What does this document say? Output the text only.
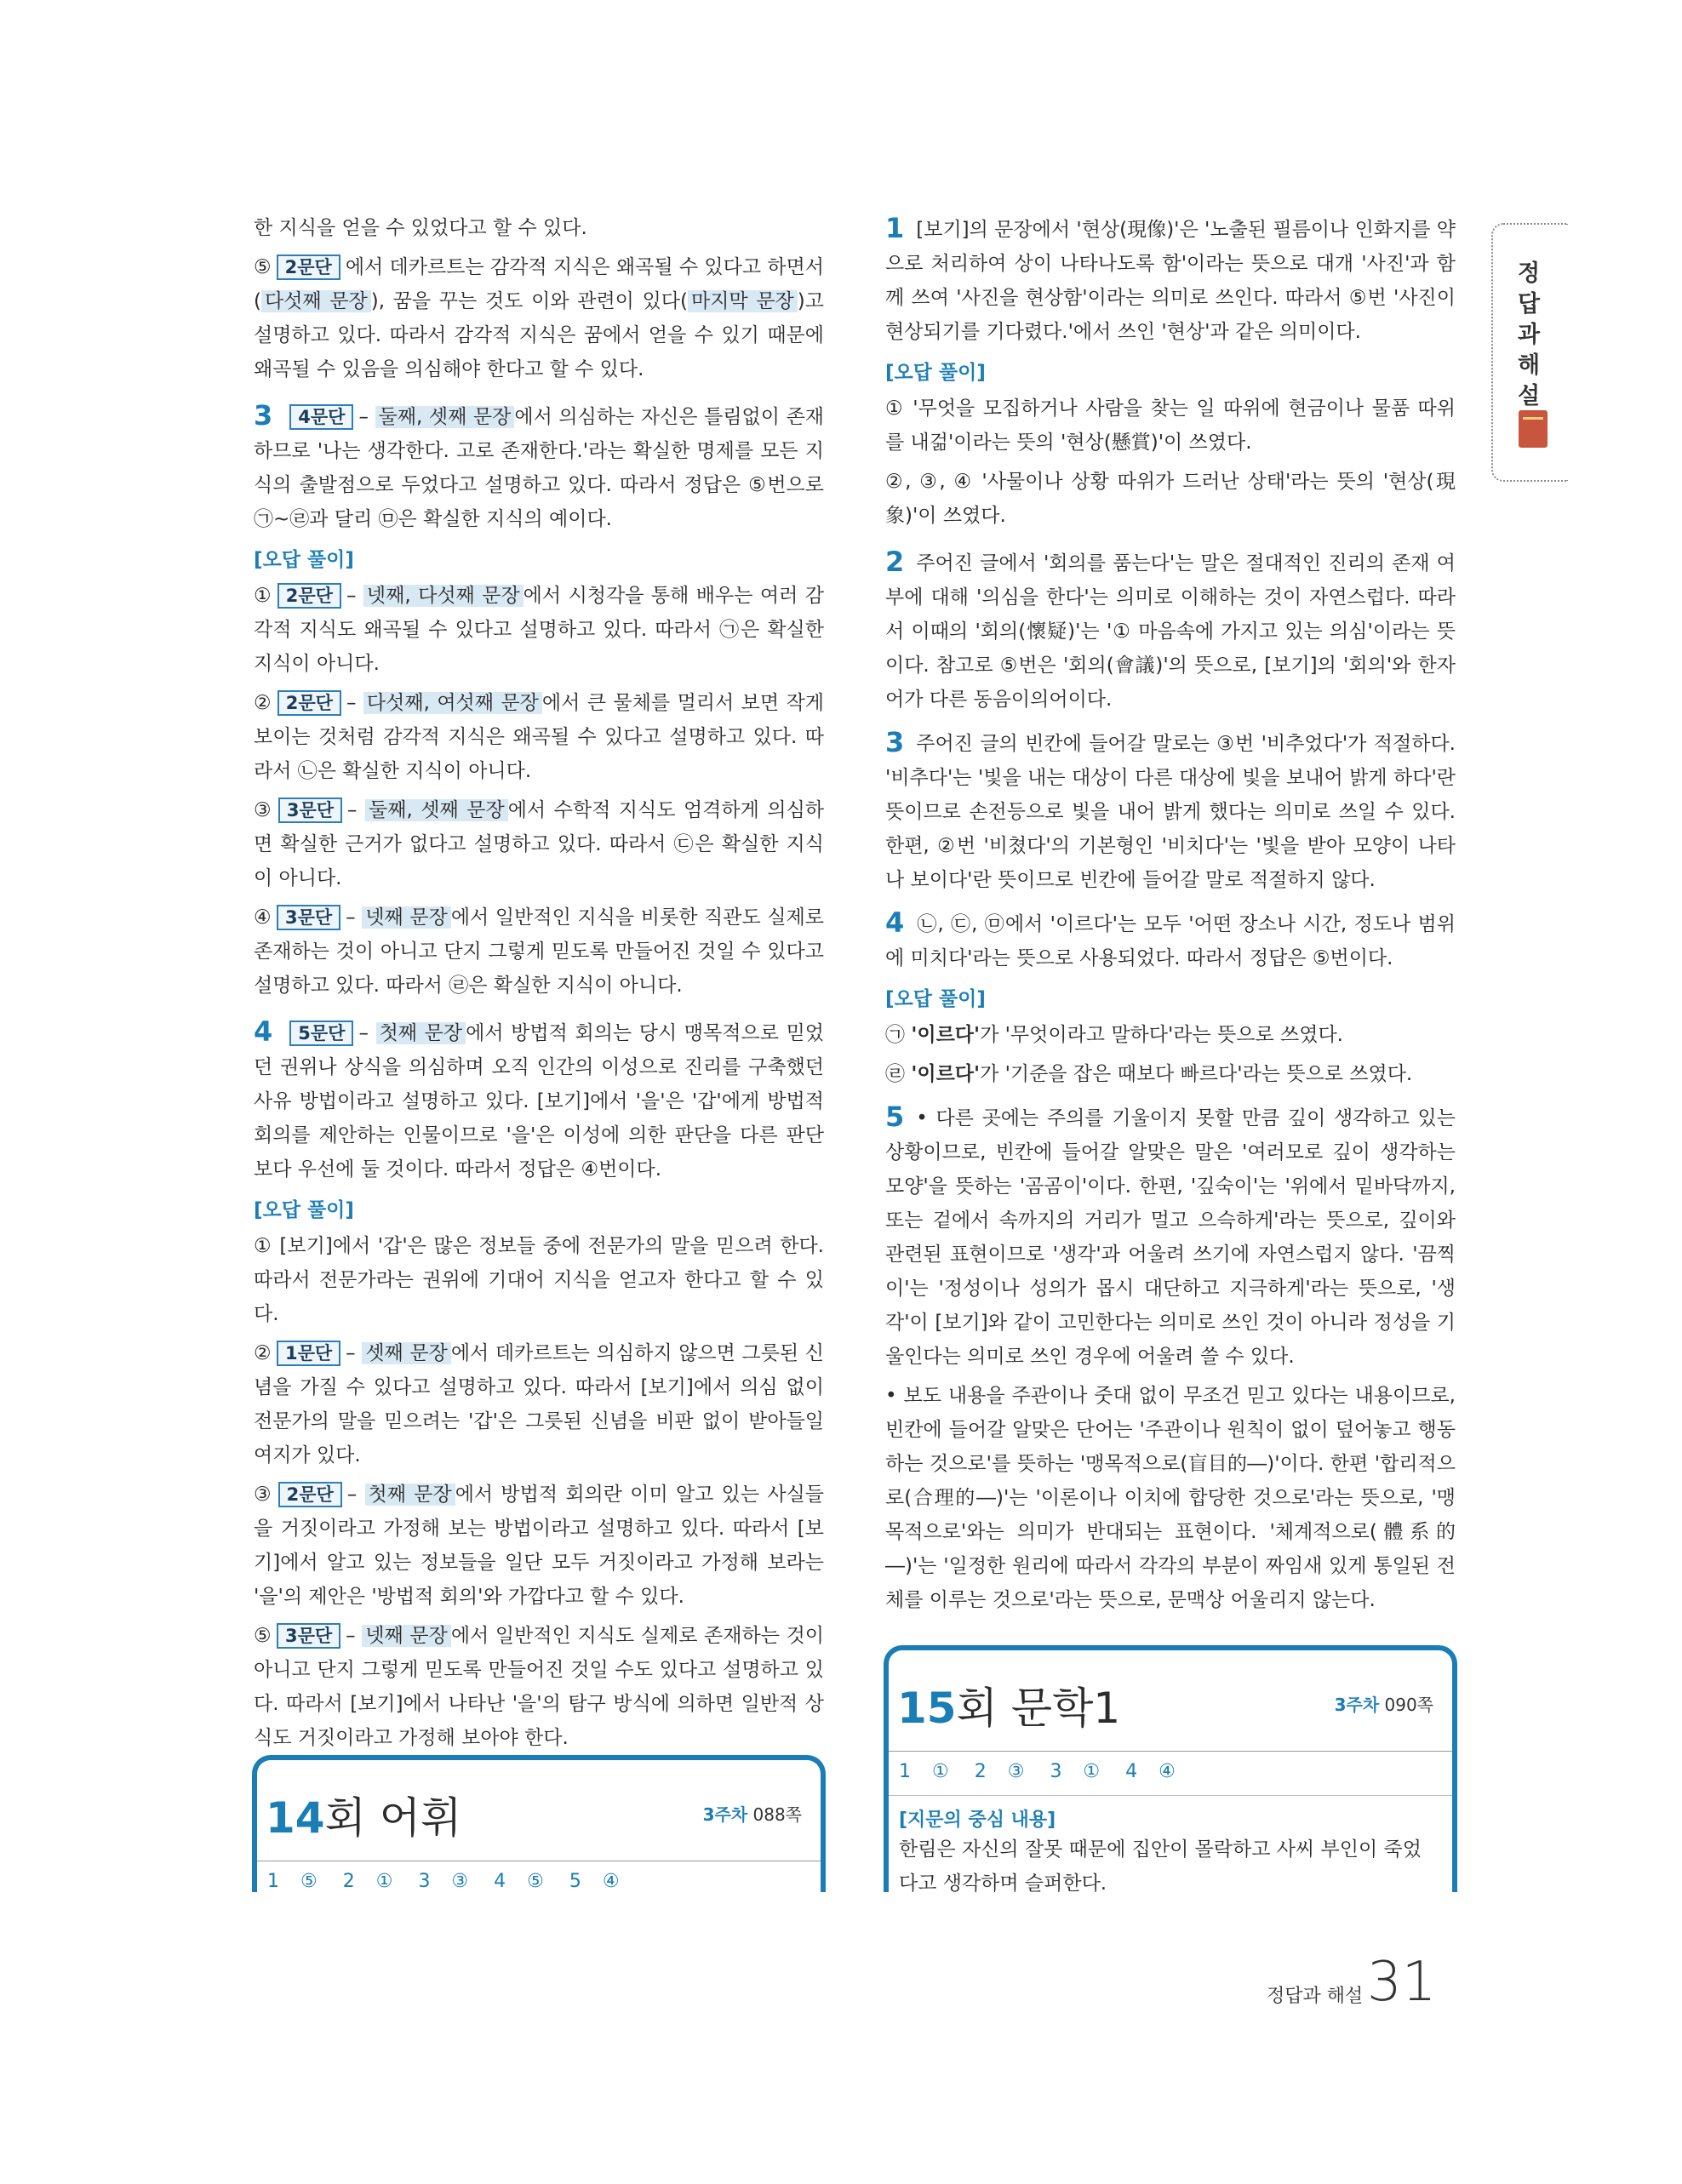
한 지식을 얻을 수 있었다고 할 수 있다.

⑤ 2문단 에서 데카르트는 감각적 지식은 왜곡될 수 있다고 하면서 ( 다섯째 문장 ), 꿈을 꾸는 것도 이와 관련이 있다( 마지막 문장 )고 설명하고 있다. 따라서 감각적 지식은 꿈에서 얻을 수 있기 때문에 왜곡될 수 있음을 의심해야 한다고 할 수 있다.

3 4문단 – 둘째, 셋째 문장 에서 의심하는 자신은 틀림없이 존재하므로 '나는 생각한다. 고로 존재한다.'라는 확실한 명제를 모든 지식의 출발점으로 두었다고 설명하고 있다. 따라서 정답은 ⑤번으로 ㉠~㉣과 달리 ㉤은 확실한 지식의 예이다.

[오답 풀이]

① 2문단 – 넷째, 다섯째 문장 에서 시청각을 통해 배우는 여러 감각적 지식도 왜곡될 수 있다고 설명하고 있다. 따라서 ㉠은 확실한 지식이 아니다.

② 2문단 – 다섯째, 여섯째 문장 에서 큰 물체를 멀리서 보면 작게 보이는 것처럼 감각적 지식은 왜곡될 수 있다고 설명하고 있다. 따라서 ㉡은 확실한 지식이 아니다.

③ 3문단 – 둘째, 셋째 문장 에서 수학적 지식도 엄격하게 의심하면 확실한 근거가 없다고 설명하고 있다. 따라서 ㉢은 확실한 지식이 아니다.

④ 3문단 – 넷째 문장 에서 일반적인 지식을 비롯한 직관도 실제로 존재하는 것이 아니고 단지 그렇게 믿도록 만들어진 것일 수 있다고 설명하고 있다. 따라서 ㉣은 확실한 지식이 아니다.

4 5문단 – 첫째 문장 에서 방법적 회의는 당시 맹목적으로 믿었던 권위나 상식을 의심하며 오직 인간의 이성으로 진리를 구축했던 사유 방법이라고 설명하고 있다. [보기]에서 '을'은 '갑'에게 방법적 회의를 제안하는 인물이므로 '을'은 이성에 의한 판단을 다른 판단보다 우선에 둘 것이다. 따라서 정답은 ④번이다.

[오답 풀이]

① [보기]에서 '갑'은 많은 정보들 중에 전문가의 말을 믿으려 한다. 따라서 전문가라는 권위에 기대어 지식을 얻고자 한다고 할 수 있다.

② 1문단 – 셋째 문장 에서 데카르트는 의심하지 않으면 그릇된 신념을 가질 수 있다고 설명하고 있다. 따라서 [보기]에서 의심 없이 전문가의 말을 믿으려는 '갑'은 그릇된 신념을 비판 없이 받아들일 여지가 있다.

③ 2문단 – 첫째 문장 에서 방법적 회의란 이미 알고 있는 사실들을 거짓이라고 가정해 보는 방법이라고 설명하고 있다. 따라서 [보기]에서 알고 있는 정보들을 일단 모두 거짓이라고 가정해 보라는 '을'의 제안은 '방법적 회의'와 가깝다고 할 수 있다.

⑤ 3문단 – 넷째 문장 에서 일반적인 지식도 실제로 존재하는 것이 아니고 단지 그렇게 믿도록 만들어진 것일 수도 있다고 설명하고 있다. 따라서 [보기]에서 나타난 '을'의 탐구 방식에 의하면 일반적 상식도 거짓이라고 가정해 보아야 한다.

14회 어휘	3주차 088쪽
1 ⑤ 2 ① 3 ③ 4 ⑤ 5 ④

1 [보기]의 문장에서 '현상(現像)'은 '노출된 필름이나 인화지를 약으로 처리하여 상이 나타나도록 함'이라는 뜻으로 대개 '사진'과 함께 쓰여 '사진을 현상함'이라는 의미로 쓰인다. 따라서 ⑤번 '사진이 현상되기를 기다렸다.'에서 쓰인 '현상'과 같은 의미이다.

[오답 풀이]

① '무엇을 모집하거나 사람을 찾는 일 따위에 현금이나 물품 따위를 내걺'이라는 뜻의 '현상(懸賞)'이 쓰였다.

②, ③, ④ '사물이나 상황 따위가 드러난 상태'라는 뜻의 '현상(現象)'이 쓰였다.

2 주어진 글에서 '회의를 품는다'는 말은 절대적인 진리의 존재 여부에 대해 '의심을 한다'는 의미로 이해하는 것이 자연스럽다. 따라서 이때의 '회의(懷疑)'는 '① 마음속에 가지고 있는 의심'이라는 뜻이다. 참고로 ⑤번은 '회의(會議)'의 뜻으로, [보기]의 '회의'와 한자어가 다른 동음이의어이다.

3 주어진 글의 빈칸에 들어갈 말로는 ③번 '비추었다'가 적절하다. '비추다'는 '빛을 내는 대상이 다른 대상에 빛을 보내어 밝게 하다'란 뜻이므로 손전등으로 빛을 내어 밝게 했다는 의미로 쓰일 수 있다. 한편, ②번 '비쳤다'의 기본형인 '비치다'는 '빛을 받아 모양이 나타나 보이다'란 뜻이므로 빈칸에 들어갈 말로 적절하지 않다.

4 ㉡, ㉢, ㉤에서 '이르다'는 모두 '어떤 장소나 시간, 정도나 범위에 미치다'라는 뜻으로 사용되었다. 따라서 정답은 ⑤번이다.

[오답 풀이]

㉠ '이르다'가 '무엇이라고 말하다'라는 뜻으로 쓰였다.

㉣ '이르다'가 '기준을 잡은 때보다 빠르다'라는 뜻으로 쓰였다.

5 • 다른 곳에는 주의를 기울이지 못할 만큼 깊이 생각하고 있는 상황이므로, 빈칸에 들어갈 알맞은 말은 '여러모로 깊이 생각하는 모양'을 뜻하는 '곰곰이'이다. 한편, '깊숙이'는 '위에서 밑바닥까지, 또는 겉에서 속까지의 거리가 멀고 으슥하게'라는 뜻으로, 깊이와 관련된 표현이므로 '생각'과 어울려 쓰기에 자연스럽지 않다. '끔찍이'는 '정성이나 성의가 몹시 대단하고 지극하게'라는 뜻으로, '생각'이 [보기]와 같이 고민한다는 의미로 쓰인 것이 아니라 정성을 기울인다는 의미로 쓰인 경우에 어울려 쓸 수 있다.

• 보도 내용을 주관이나 줏대 없이 무조건 믿고 있다는 내용이므로, 빈칸에 들어갈 알맞은 단어는 '주관이나 원칙이 없이 덮어놓고 행동하는 것으로'를 뜻하는 '맹목적으로(盲目的―)'이다. 한편 '합리적으로(合理的―)'는 '이론이나 이치에 합당한 것으로'라는 뜻으로, '맹목적으로'와는 의미가 반대되는 표현이다. '체계적으로(體系的―)'는 '일정한 원리에 따라서 각각의 부분이 짜임새 있게 통일된 전체를 이루는 것으로'라는 뜻으로, 문맥상 어울리지 않는다.

15회 문학1	3주차 090쪽
1 ① 2 ③ 3 ① 4 ④
[지문의 중심 내용]
한림은 자신의 잘못 때문에 집안이 몰락하고 사씨 부인이 죽었다고 생각하며 슬퍼한다.
정답과 해설
정답과 해설 31
